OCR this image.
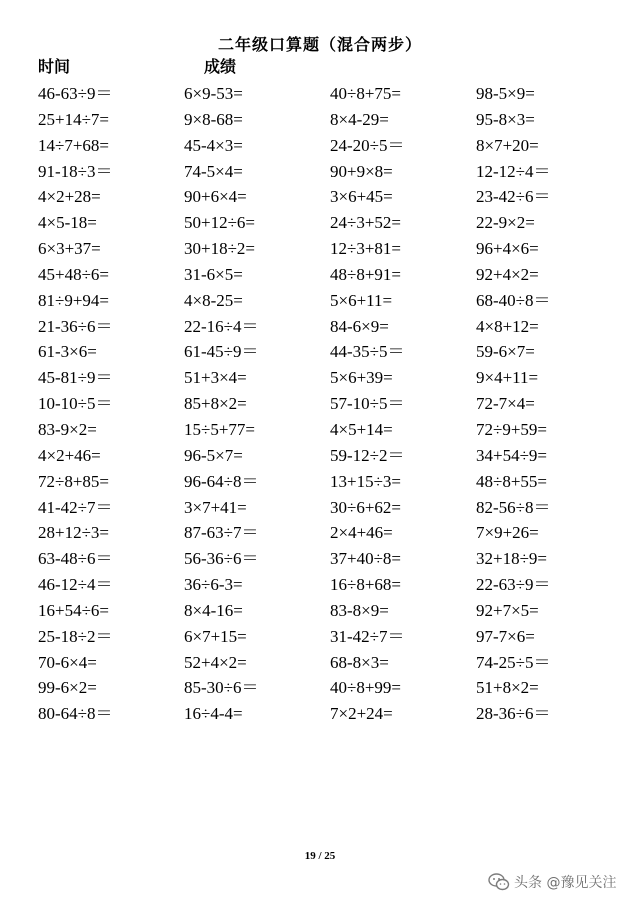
二年级口算题（混合两步）
时间	成绩
46-63÷9＝	6×9-53=	40÷8+75=	98-5×9=
25+14÷7=	9×8-68=	8×4-29=	95-8×3=
14÷7+68=	45-4×3=	24-20÷5＝	8×7+20=
91-18÷3＝	74-5×4=	90+9×8=	12-12÷4＝
4×2+28=	90+6×4=	3×6+45=	23-42÷6＝
4×5-18=	50+12÷6=	24÷3+52=	22-9×2=
6×3+37=	30+18÷2=	12÷3+81=	96+4×6=
45+48÷6=	31-6×5=	48÷8+91=	92+4×2=
81÷9+94=	4×8-25=	5×6+11=	68-40÷8＝
21-36÷6＝	22-16÷4＝	84-6×9=	4×8+12=
61-3×6=	61-45÷9＝	44-35÷5＝	59-6×7=
45-81÷9＝	51+3×4=	5×6+39=	9×4+11=
10-10÷5＝	85+8×2=	57-10÷5＝	72-7×4=
83-9×2=	15÷5+77=	4×5+14=	72÷9+59=
4×2+46=	96-5×7=	59-12÷2＝	34+54÷9=
72÷8+85=	96-64÷8＝	13+15÷3=	48÷8+55=
41-42÷7＝	3×7+41=	30÷6+62=	82-56÷8＝
28+12÷3=	87-63÷7＝	2×4+46=	7×9+26=
63-48÷6＝	56-36÷6＝	37+40÷8=	32+18÷9=
46-12÷4＝	36÷6-3=	16÷8+68=	22-63÷9＝
16+54÷6=	8×4-16=	83-8×9=	92+7×5=
25-18÷2＝	6×7+15=	31-42÷7＝	97-7×6=
70-6×4=	52+4×2=	68-8×3=	74-25÷5＝
99-6×2=	85-30÷6＝	40÷8+99=	51+8×2=
80-64÷8＝	16÷4-4=	7×2+24=	28-36÷6＝
19 / 25
头条 @豫见关注
